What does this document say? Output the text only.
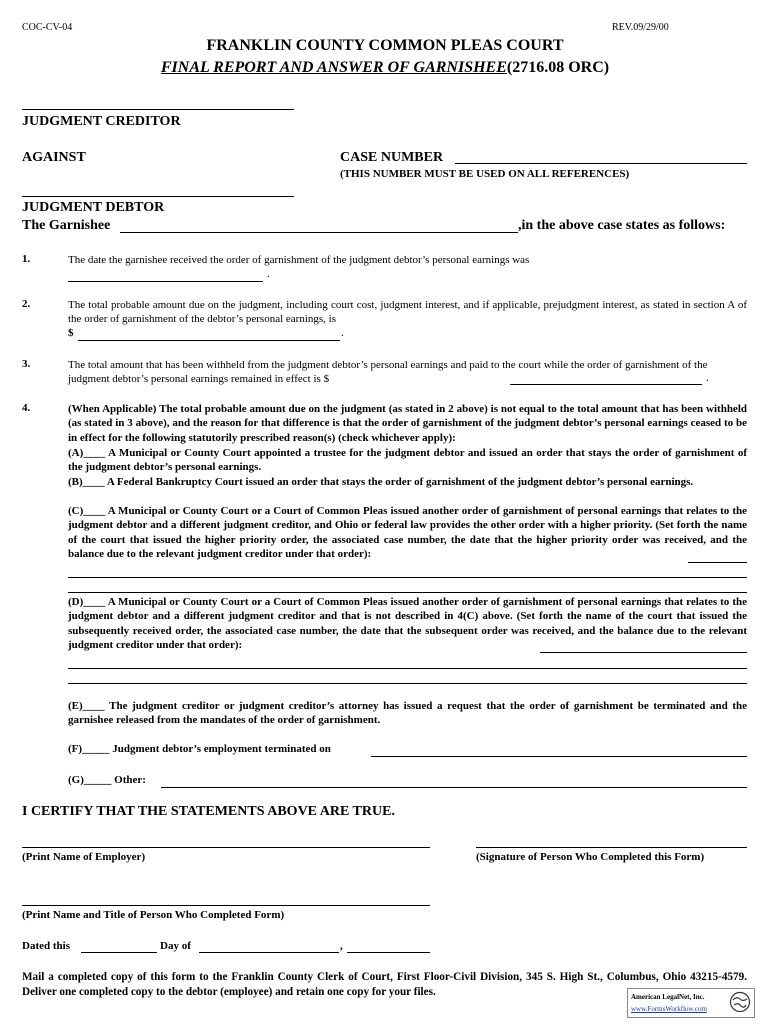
COC-CV-04	REV.09/29/00
FRANKLIN COUNTY COMMON PLEAS COURT
FINAL REPORT AND ANSWER OF GARNISHEE(2716.08 ORC)
JUDGMENT CREDITOR
AGAINST	CASE NUMBER
(THIS NUMBER MUST BE USED ON ALL REFERENCES)
JUDGMENT DEBTOR
The Garnishee	,in the above case states as follows:
1.	The date the garnishee received the order of garnishment of the judgment debtor’s personal earnings was
.
2.	The total probable amount due on the judgment, including court cost, judgment interest, and if applicable, prejudgment interest, as stated in section A of the order of garnishment of the debtor’s personal earnings, is
$	.
3.	The total amount that has been withheld from the judgment debtor’s personal earnings and paid to the court while the order of garnishment of the judgment debtor’s personal earnings remained in effect is $	.
4.	(When Applicable) The total probable amount due on the judgment (as stated in 2 above) is not equal to the total amount that has been withheld (as stated in 3 above), and the reason for that difference is that the order of garnishment of the judgment debtor’s personal earnings ceased to be in effect for the following statutorily prescribed reason(s) (check whichever apply):
(A)____ A Municipal or County Court appointed a trustee for the judgment debtor and issued an order that stays the order of garnishment of the judgment debtor’s personal earnings.
(B)____ A Federal Bankruptcy Court issued an order that stays the order of garnishment of the judgment debtor’s personal earnings.
(C)____ A Municipal or County Court or a Court of Common Pleas issued another order of garnishment of personal earnings that relates to the judgment debtor and a different judgment creditor, and Ohio or federal law provides the other order with a higher priority. (Set forth the name of the court that issued the higher priority order, the associated case number, the date that the higher priority order was received, and the balance due to the relevant judgment creditor under that order):
(D)____ A Municipal or County Court or a Court of Common Pleas issued another order of garnishment of personal earnings that relates to the judgment debtor and a different judgment creditor and that is not described in 4(C) above. (Set forth the name of the court that issued the subsequently received order, the associated case number, the date that the subsequent order was received, and the balance due to the relevant judgment creditor under that order):
(E)____ The judgment creditor or judgment creditor’s attorney has issued a request that the order of garnishment be terminated and the garnishee released from the mandates of the order of garnishment.
(F)_____ Judgment debtor’s employment terminated on
(G)_____ Other:
I CERTIFY THAT THE STATEMENTS ABOVE ARE TRUE.
(Print Name of Employer)	(Signature of Person Who Completed this Form)
(Print Name and Title of Person Who Completed Form)
Dated this	Day of	,
Mail a completed copy of this form to the Franklin County Clerk of Court, First Floor-Civil Division, 345 S. High St., Columbus, Ohio 43215-4579. Deliver one completed copy to the debtor (employee) and retain one copy for your files.	American LegalNet, Inc.
www.FormsWorkflow.com
